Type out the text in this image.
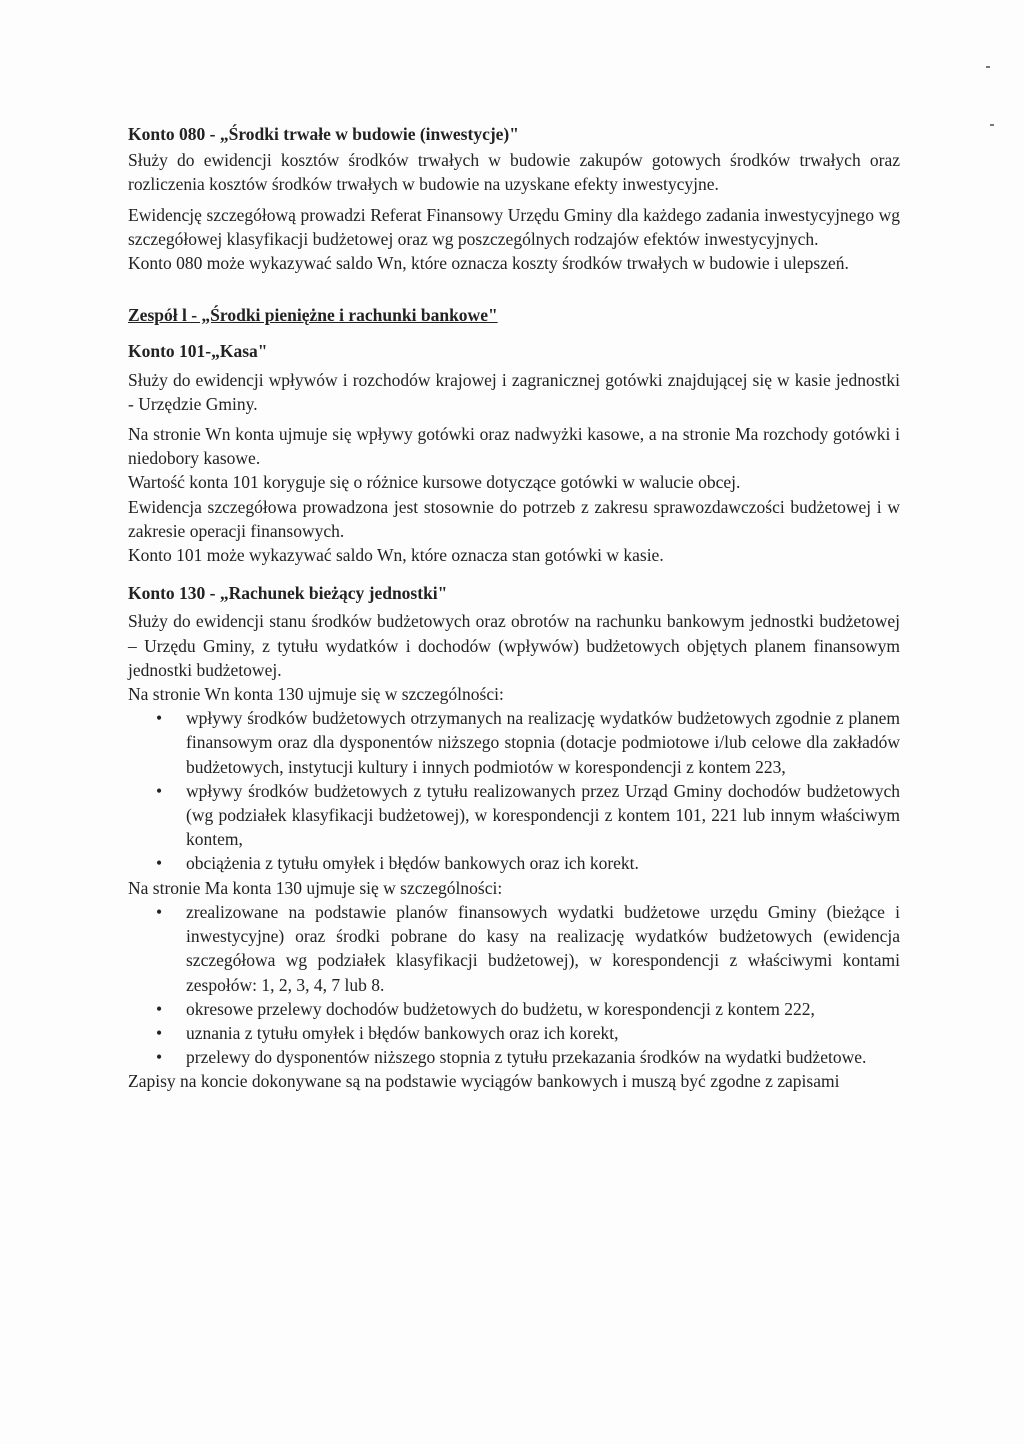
Konto 080 - „Środki trwałe w budowie (inwestycje)"

Służy do ewidencji kosztów środków trwałych w budowie zakupów gotowych środków trwałych oraz rozliczenia kosztów środków trwałych w budowie na uzyskane efekty inwestycyjne.

Ewidencję szczegółową prowadzi Referat Finansowy Urzędu Gminy dla każdego zadania inwestycyjnego wg szczegółowej klasyfikacji budżetowej oraz wg poszczególnych rodzajów efektów inwestycyjnych.

Konto 080 może wykazywać saldo Wn, które oznacza koszty środków trwałych w budowie i ulepszeń.

Zespół l - „Środki pieniężne i rachunki bankowe"
Konto 101-„Kasa"

Służy do ewidencji wpływów i rozchodów krajowej i zagranicznej gotówki znajdującej się w kasie jednostki - Urzędzie Gminy.

Na stronie Wn konta ujmuje się wpływy gotówki oraz nadwyżki kasowe, a na stronie Ma rozchody gotówki i niedobory kasowe.

Wartość konta 101 koryguje się o różnice kursowe dotyczące gotówki w walucie obcej.

Ewidencja szczegółowa prowadzona jest stosownie do potrzeb z zakresu sprawozdawczości budżetowej i w zakresie operacji finansowych.

Konto 101 może wykazywać saldo Wn, które oznacza stan gotówki w kasie.

Konto 130 - „Rachunek bieżący jednostki"

Służy do ewidencji stanu środków budżetowych oraz obrotów na rachunku bankowym jednostki budżetowej – Urzędu Gminy, z tytułu wydatków i dochodów (wpływów) budżetowych objętych planem finansowym jednostki budżetowej.

Na stronie Wn konta 130 ujmuje się w szczególności:

• wpływy środków budżetowych otrzymanych na realizację wydatków budżetowych zgodnie z planem finansowym oraz dla dysponentów niższego stopnia (dotacje podmiotowe i/lub celowe dla zakładów budżetowych, instytucji kultury i innych podmiotów w korespondencji z kontem 223,
• wpływy środków budżetowych z tytułu realizowanych przez Urząd Gminy dochodów budżetowych (wg podziałek klasyfikacji budżetowej), w korespondencji z kontem 101, 221 lub innym właściwym kontem,
• obciążenia z tytułu omyłek i błędów bankowych oraz ich korekt.

Na stronie Ma konta 130 ujmuje się w szczególności:

• zrealizowane na podstawie planów finansowych wydatki budżetowe urzędu Gminy (bieżące i inwestycyjne) oraz środki pobrane do kasy na realizację wydatków budżetowych (ewidencja szczegółowa wg podziałek klasyfikacji budżetowej), w korespondencji z właściwymi kontami zespołów: 1, 2, 3, 4, 7 lub 8.
• okresowe przelewy dochodów budżetowych do budżetu, w korespondencji z kontem 222,
• uznania z tytułu omyłek i błędów bankowych oraz ich korekt,
• przelewy do dysponentów niższego stopnia z tytułu przekazania środków na wydatki budżetowe.

Zapisy na koncie dokonywane są na podstawie wyciągów bankowych i muszą być zgodne z zapisami
